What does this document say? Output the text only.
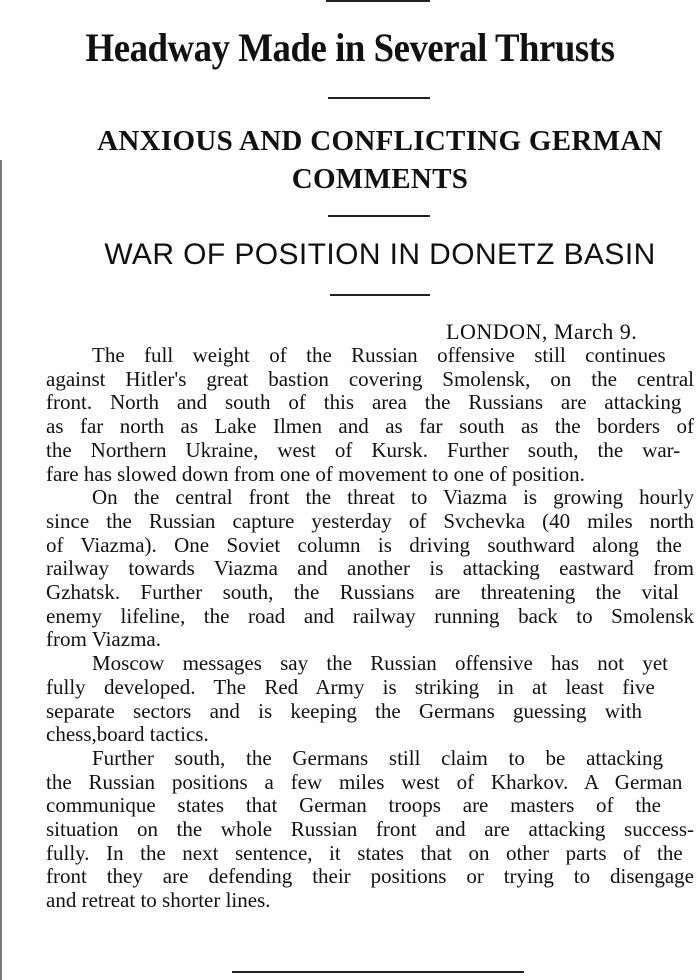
Headway Made in Several Thrusts
ANXIOUS AND CONFLICTING GERMAN
COMMENTS
WAR OF POSITION IN DONETZ BASIN
LONDON, March 9.
The full weight of the Russian offensive still continues
against Hitler's great bastion covering Smolensk, on the central
front. North and south of this area the Russians are attacking
as far north as Lake Ilmen and as far south as the borders of
the Northern Ukraine, west of Kursk. Further south, the war-
fare has slowed down from one of movement to one of position.
On the central front the threat to Viazma is growing hourly
since the Russian capture yesterday of Svchevka (40 miles north
of Viazma). One Soviet column is driving southward along the
railway towards Viazma and another is attacking eastward from
Gzhatsk. Further south, the Russians are threatening the vital
enemy lifeline, the road and railway running back to Smolensk
from Viazma.
Moscow messages say the Russian offensive has not yet
fully developed. The Red Army is striking in at least five
separate sectors and is keeping the Germans guessing with
chess,board tactics.
Further south, the Germans still claim to be attacking
the Russian positions a few miles west of Kharkov. A German
communique states that German troops are masters of the
situation on the whole Russian front and are attacking success-
fully. In the next sentence, it states that on other parts of the
front they are defending their positions or trying to disengage
and retreat to shorter lines.
